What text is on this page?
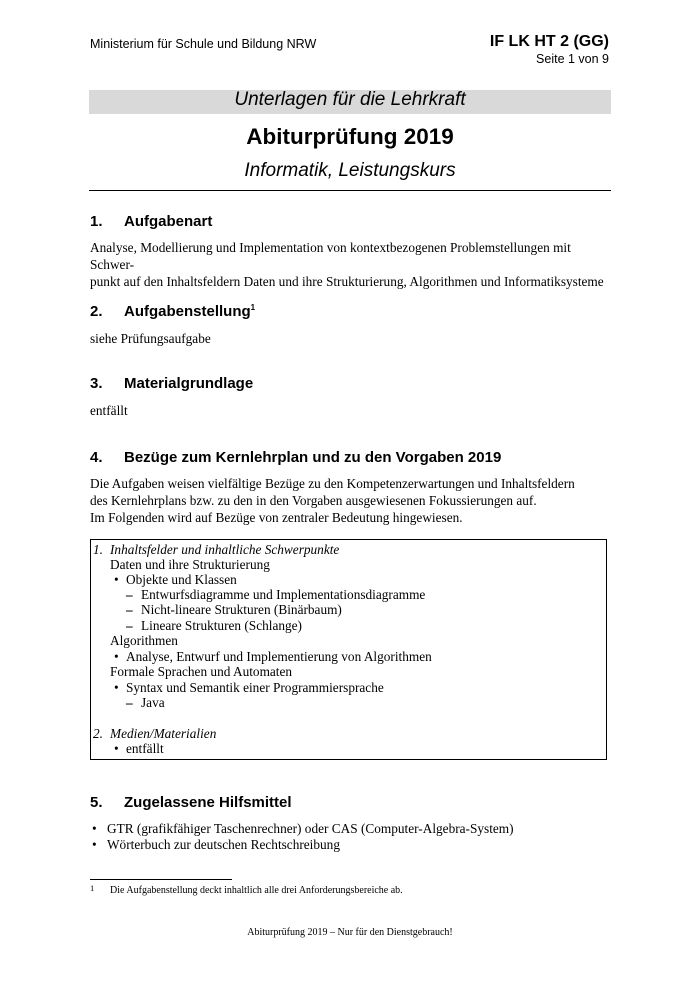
Ministerium für Schule und Bildung NRW	IF LK HT 2 (GG)
Seite 1 von 9
Unterlagen für die Lehrkraft
Abiturprüfung 2019
Informatik, Leistungskurs
1. Aufgabenart
Analyse, Modellierung und Implementation von kontextbezogenen Problemstellungen mit Schwer-
punkt auf den Inhaltsfeldern Daten und ihre Strukturierung, Algorithmen und Informatiksysteme
2. Aufgabenstellung$^1$
siehe Prüfungsaufgabe
3. Materialgrundlage
entfällt
4. Bezüge zum Kernlehrplan und zu den Vorgaben 2019
Die Aufgaben weisen vielfältige Bezüge zu den Kompetenzerwartungen und Inhaltsfeldern
des Kernlehrplans bzw. zu den in den Vorgaben ausgewiesenen Fokussierungen auf.
Im Folgenden wird auf Bezüge von zentraler Bedeutung hingewiesen.
1. Inhaltsfelder und inhaltliche Schwerpunkte
Daten und ihre Strukturierung
• Objekte und Klassen
– Entwurfsdiagramme und Implementationsdiagramme
– Nicht-lineare Strukturen (Binärbaum)
– Lineare Strukturen (Schlange)
Algorithmen
• Analyse, Entwurf und Implementierung von Algorithmen
Formale Sprachen und Automaten
• Syntax und Semantik einer Programmiersprache
– Java
2. Medien/Materialien
• entfällt
5. Zugelassene Hilfsmittel
• GTR (grafikfähiger Taschenrechner) oder CAS (Computer-Algebra-System)
• Wörterbuch zur deutschen Rechtschreibung
1 Die Aufgabenstellung deckt inhaltlich alle drei Anforderungsbereiche ab.
Abiturprüfung 2019 – Nur für den Dienstgebrauch!
